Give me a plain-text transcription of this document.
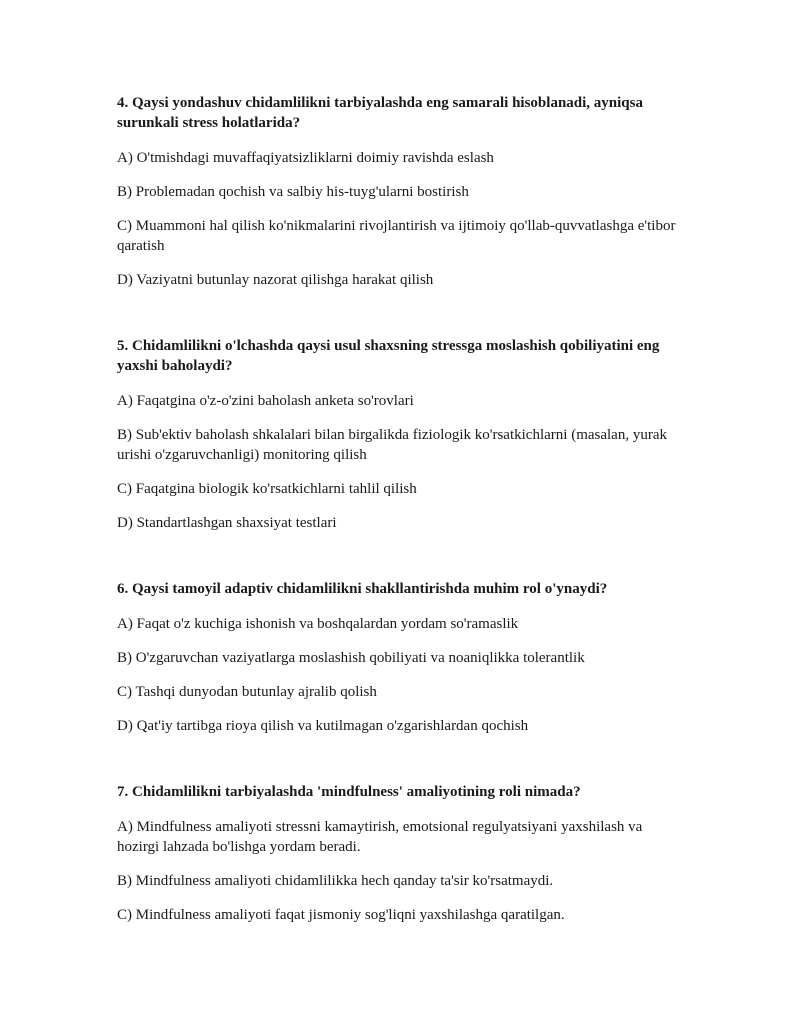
4. Qaysi yondashuv chidamlilikni tarbiyalashda eng samarali hisoblanadi, ayniqsa surunkali stress holatlarida?

A) O'tmishdagi muvaffaqiyatsizliklarni doimiy ravishda eslash

B) Problemadan qochish va salbiy his-tuyg'ularni bostirish

C) Muammoni hal qilish ko'nikmalarini rivojlantirish va ijtimoiy qo'llab-quvvatlashga e'tibor qaratish

D) Vaziyatni butunlay nazorat qilishga harakat qilish

5. Chidamlilikni o'lchashda qaysi usul shaxsning stressga moslashish qobiliyatini eng yaxshi baholaydi?

A) Faqatgina o'z-o'zini baholash anketa so'rovlari

B) Sub'ektiv baholash shkalalari bilan birgalikda fiziologik ko'rsatkichlarni (masalan, yurak urishi o'zgaruvchanligi) monitoring qilish

C) Faqatgina biologik ko'rsatkichlarni tahlil qilish

D) Standartlashgan shaxsiyat testlari

6. Qaysi tamoyil adaptiv chidamlilikni shakllantirishda muhim rol o'ynaydi?

A) Faqat o'z kuchiga ishonish va boshqalardan yordam so'ramaslik

B) O'zgaruvchan vaziyatlarga moslashish qobiliyati va noaniqlikka tolerantlik

C) Tashqi dunyodan butunlay ajralib qolish

D) Qat'iy tartibga rioya qilish va kutilmagan o'zgarishlardan qochish

7. Chidamlilikni tarbiyalashda 'mindfulness' amaliyotining roli nimada?

A) Mindfulness amaliyoti stressni kamaytirish, emotsional regulyatsiyani yaxshilash va hozirgi lahzada bo'lishga yordam beradi.

B) Mindfulness amaliyoti chidamlilikka hech qanday ta'sir ko'rsatmaydi.

C) Mindfulness amaliyoti faqat jismoniy sog'liqni yaxshilashga qaratilgan.
